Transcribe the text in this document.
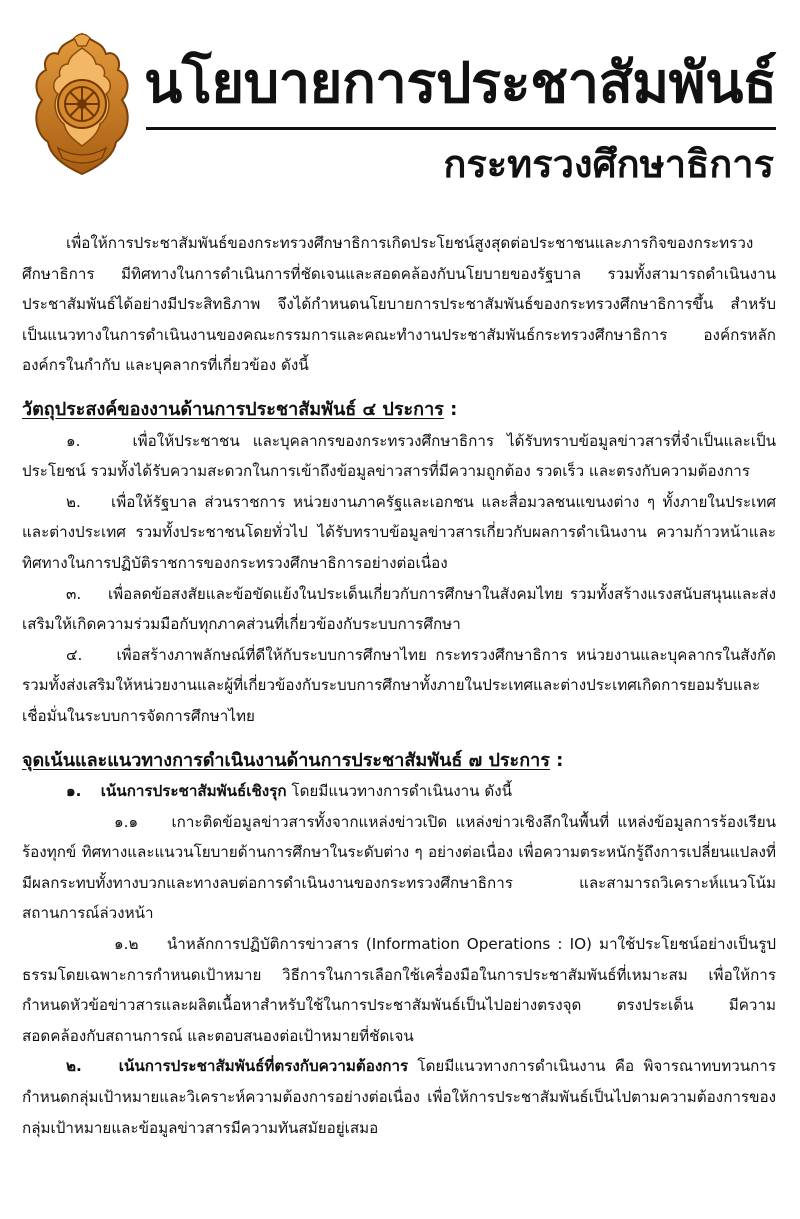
นโยบายการประชาสัมพันธ์
กระทรวงศึกษาธิการ

เพื่อให้การประชาสัมพันธ์ของกระทรวงศึกษาธิการเกิดประโยชน์สูงสุดต่อประชาชนและภารกิจของกระทรวงศึกษาธิการ มีทิศทางในการดำเนินการที่ชัดเจนและสอดคล้องกับนโยบายของรัฐบาล รวมทั้งสามารถดำเนินงานประชาสัมพันธ์ได้อย่างมีประสิทธิภาพ จึงได้กำหนดนโยบายการประชาสัมพันธ์ของกระทรวงศึกษาธิการขึ้น สำหรับเป็นแนวทางในการดำเนินงานของคณะกรรมการและคณะทำงานประชาสัมพันธ์กระทรวงศึกษาธิการ องค์กรหลัก องค์กรในกำกับ และบุคลากรที่เกี่ยวข้อง ดังนี้

วัตถุประสงค์ของงานด้านการประชาสัมพันธ์ ๔ ประการ :

๑.	เพื่อให้ประชาชน และบุคลากรของกระทรวงศึกษาธิการ ได้รับทราบข้อมูลข่าวสารที่จำเป็นและเป็นประโยชน์ รวมทั้งได้รับความสะดวกในการเข้าถึงข้อมูลข่าวสารที่มีความถูกต้อง รวดเร็ว และตรงกับความต้องการ

๒. เพื่อให้รัฐบาล ส่วนราชการ หน่วยงานภาครัฐและเอกชน และสื่อมวลชนแขนงต่าง ๆ ทั้งภายในประเทศและต่างประเทศ รวมทั้งประชาชนโดยทั่วไป ได้รับทราบข้อมูลข่าวสารเกี่ยวกับผลการดำเนินงาน ความก้าวหน้าและทิศทางในการปฏิบัติราชการของกระทรวงศึกษาธิการอย่างต่อเนื่อง

๓. เพื่อลดข้อสงสัยและข้อขัดแย้งในประเด็นเกี่ยวกับการศึกษาในสังคมไทย รวมทั้งสร้างแรงสนับสนุนและส่งเสริมให้เกิดความร่วมมือกับทุกภาคส่วนที่เกี่ยวข้องกับระบบการศึกษา

๔. เพื่อสร้างภาพลักษณ์ที่ดีให้กับระบบการศึกษาไทย กระทรวงศึกษาธิการ หน่วยงานและบุคลากรในสังกัด รวมทั้งส่งเสริมให้หน่วยงานและผู้ที่เกี่ยวข้องกับระบบการศึกษาทั้งภายในประเทศและต่างประเทศเกิดการยอมรับและเชื่อมั่นในระบบการจัดการศึกษาไทย

จุดเน้นและแนวทางการดำเนินงานด้านการประชาสัมพันธ์ ๗ ประการ :

๑. เน้นการประชาสัมพันธ์เชิงรุก โดยมีแนวทางการดำเนินงาน ดังนี้

๑.๑ เกาะติดข้อมูลข่าวสารทั้งจากแหล่งข่าวเปิด แหล่งข่าวเชิงลึกในพื้นที่ แหล่งข้อมูลการร้องเรียนร้องทุกข์ ทิศทางและแนวนโยบายด้านการศึกษาในระดับต่าง ๆ อย่างต่อเนื่อง เพื่อความตระหนักรู้ถึงการเปลี่ยนแปลงที่มีผลกระทบทั้งทางบวกและทางลบต่อการดำเนินงานของกระทรวงศึกษาธิการ และสามารถวิเคราะห์แนวโน้มสถานการณ์ล่วงหน้า

๑.๒ นำหลักการปฏิบัติการข่าวสาร (Information Operations : IO) มาใช้ประโยชน์อย่างเป็นรูปธรรมโดยเฉพาะการกำหนดเป้าหมาย วิธีการในการเลือกใช้เครื่องมือในการประชาสัมพันธ์ที่เหมาะสม เพื่อให้การกำหนดหัวข้อข่าวสารและผลิตเนื้อหาสำหรับใช้ในการประชาสัมพันธ์เป็นไปอย่างตรงจุด ตรงประเด็น มีความสอดคล้องกับสถานการณ์ และตอบสนองต่อเป้าหมายที่ชัดเจน

๒. เน้นการประชาสัมพันธ์ที่ตรงกับความต้องการ โดยมีแนวทางการดำเนินงาน คือ พิจารณาทบทวนการกำหนดกลุ่มเป้าหมายและวิเคราะห์ความต้องการอย่างต่อเนื่อง เพื่อให้การประชาสัมพันธ์เป็นไปตามความต้องการของกลุ่มเป้าหมายและข้อมูลข่าวสารมีความทันสมัยอยู่เสมอ
